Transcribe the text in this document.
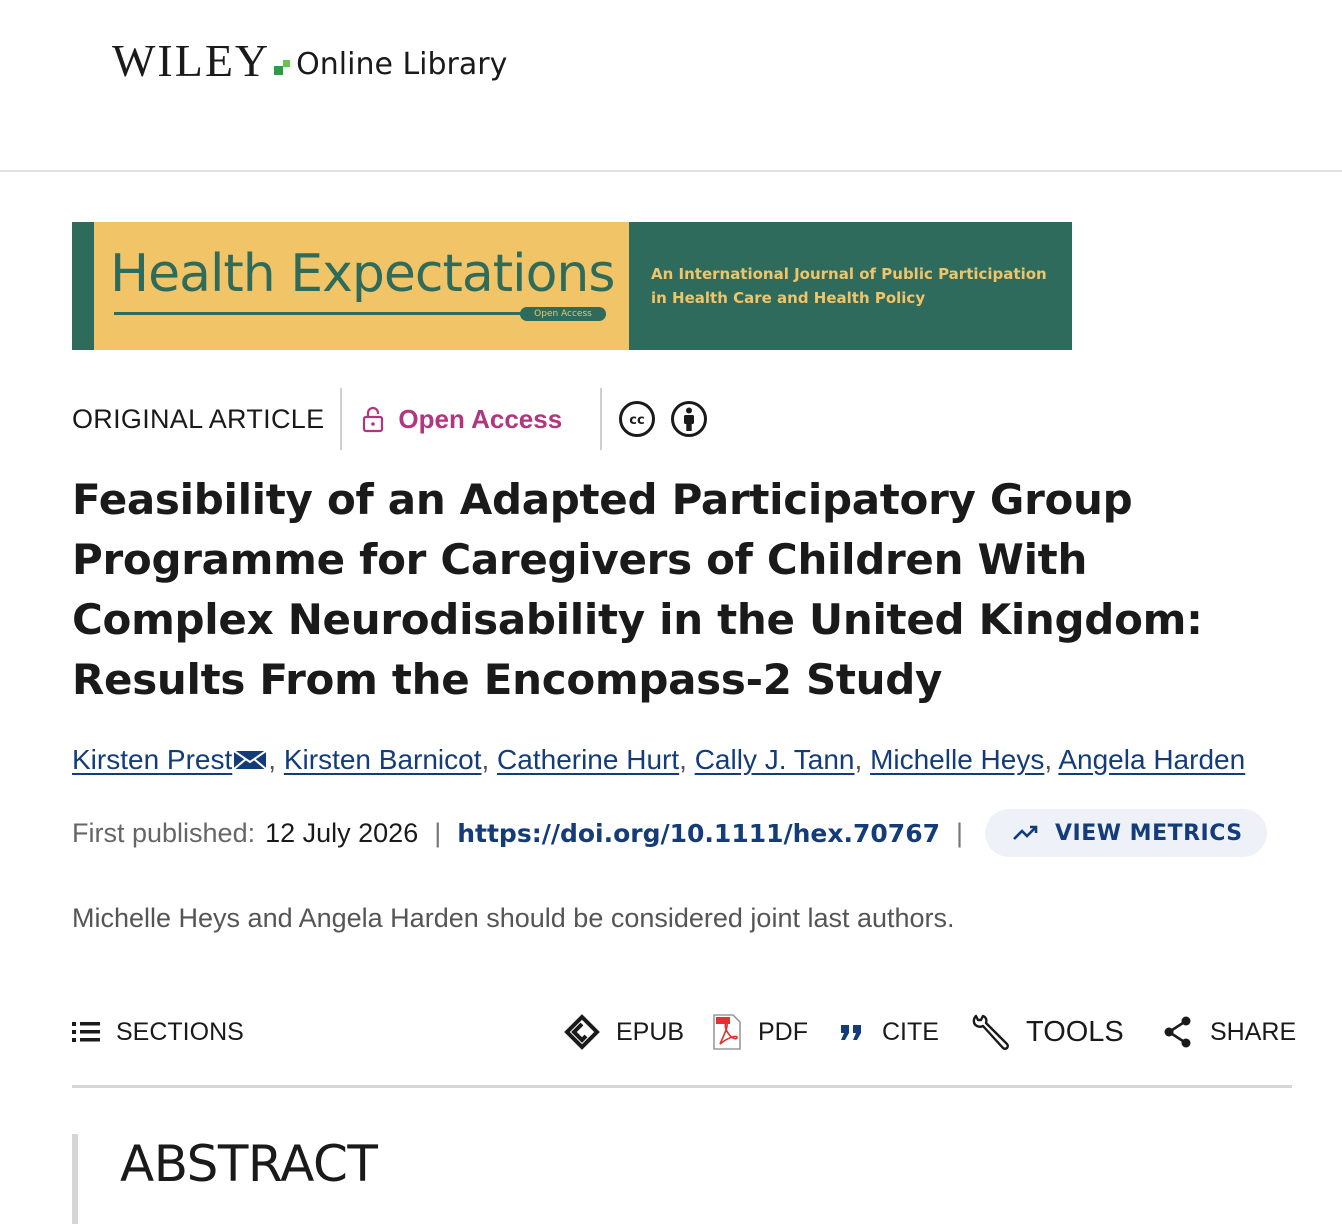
WILEY Online Library
Health Expectations
Open Access
An International Journal of Public Participation
in Health Care and Health Policy
ORIGINAL ARTICLE	Open Access	cc
Feasibility of an Adapted Participatory Group Programme for Caregivers of Children With Complex Neurodisability in the United Kingdom: Results From the Encompass-2 Study
Kirsten Prest , Kirsten Barnicot, Catherine Hurt, Cally J. Tann, Michelle Heys, Angela Harden
First published: 12 July 2026 | https://doi.org/10.1111/hex.70767 |	VIEW METRICS

Michelle Heys and Angela Harden should be considered joint last authors.

SECTIONS	EPUB	PDF	CITE	TOOLS	SHARE
ABSTRACT
